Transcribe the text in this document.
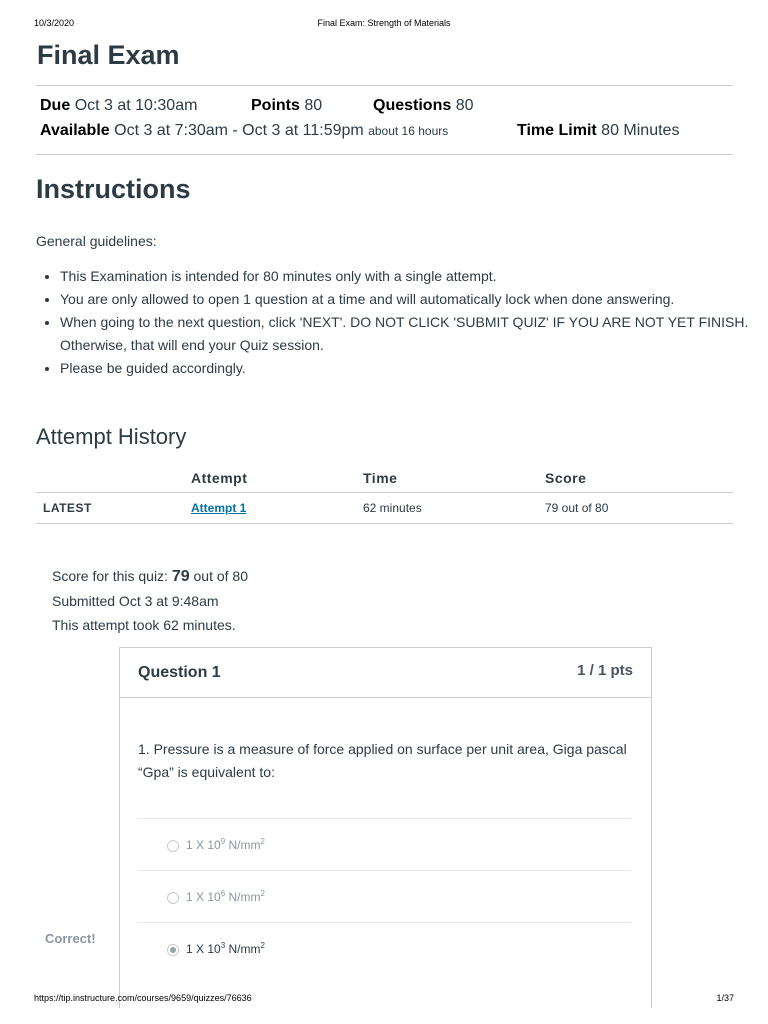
10/3/2020	Final Exam: Strength of Materials
Final Exam
Due Oct 3 at 10:30am	Points 80	Questions 80
Available Oct 3 at 7:30am - Oct 3 at 11:59pm about 16 hours	Time Limit 80 Minutes
Instructions
General guidelines:
• This Examination is intended for 80 minutes only with a single attempt.
• You are only allowed to open 1 question at a time and will automatically lock when done answering.
• When going to the next question, click 'NEXT'. DO NOT CLICK 'SUBMIT QUIZ' IF YOU ARE NOT YET FINISH. Otherwise, that will end your Quiz session.
• Please be guided accordingly.
Attempt History
	Attempt	Time	Score
LATEST	Attempt 1	62 minutes	79 out of 80
Score for this quiz: 79 out of 80
Submitted Oct 3 at 9:48am
This attempt took 62 minutes.
Question 1	1 / 1 pts
1. Pressure is a measure of force applied on surface per unit area, Giga pascal “Gpa” is equivalent to:
1 X $10^9$ $N/mm^2$
1 X $10^6$ $N/mm^2$
1 X $10^3$ $N/mm^2$
Correct!
https://tip.instructure.com/courses/9659/quizzes/76636	1/37
